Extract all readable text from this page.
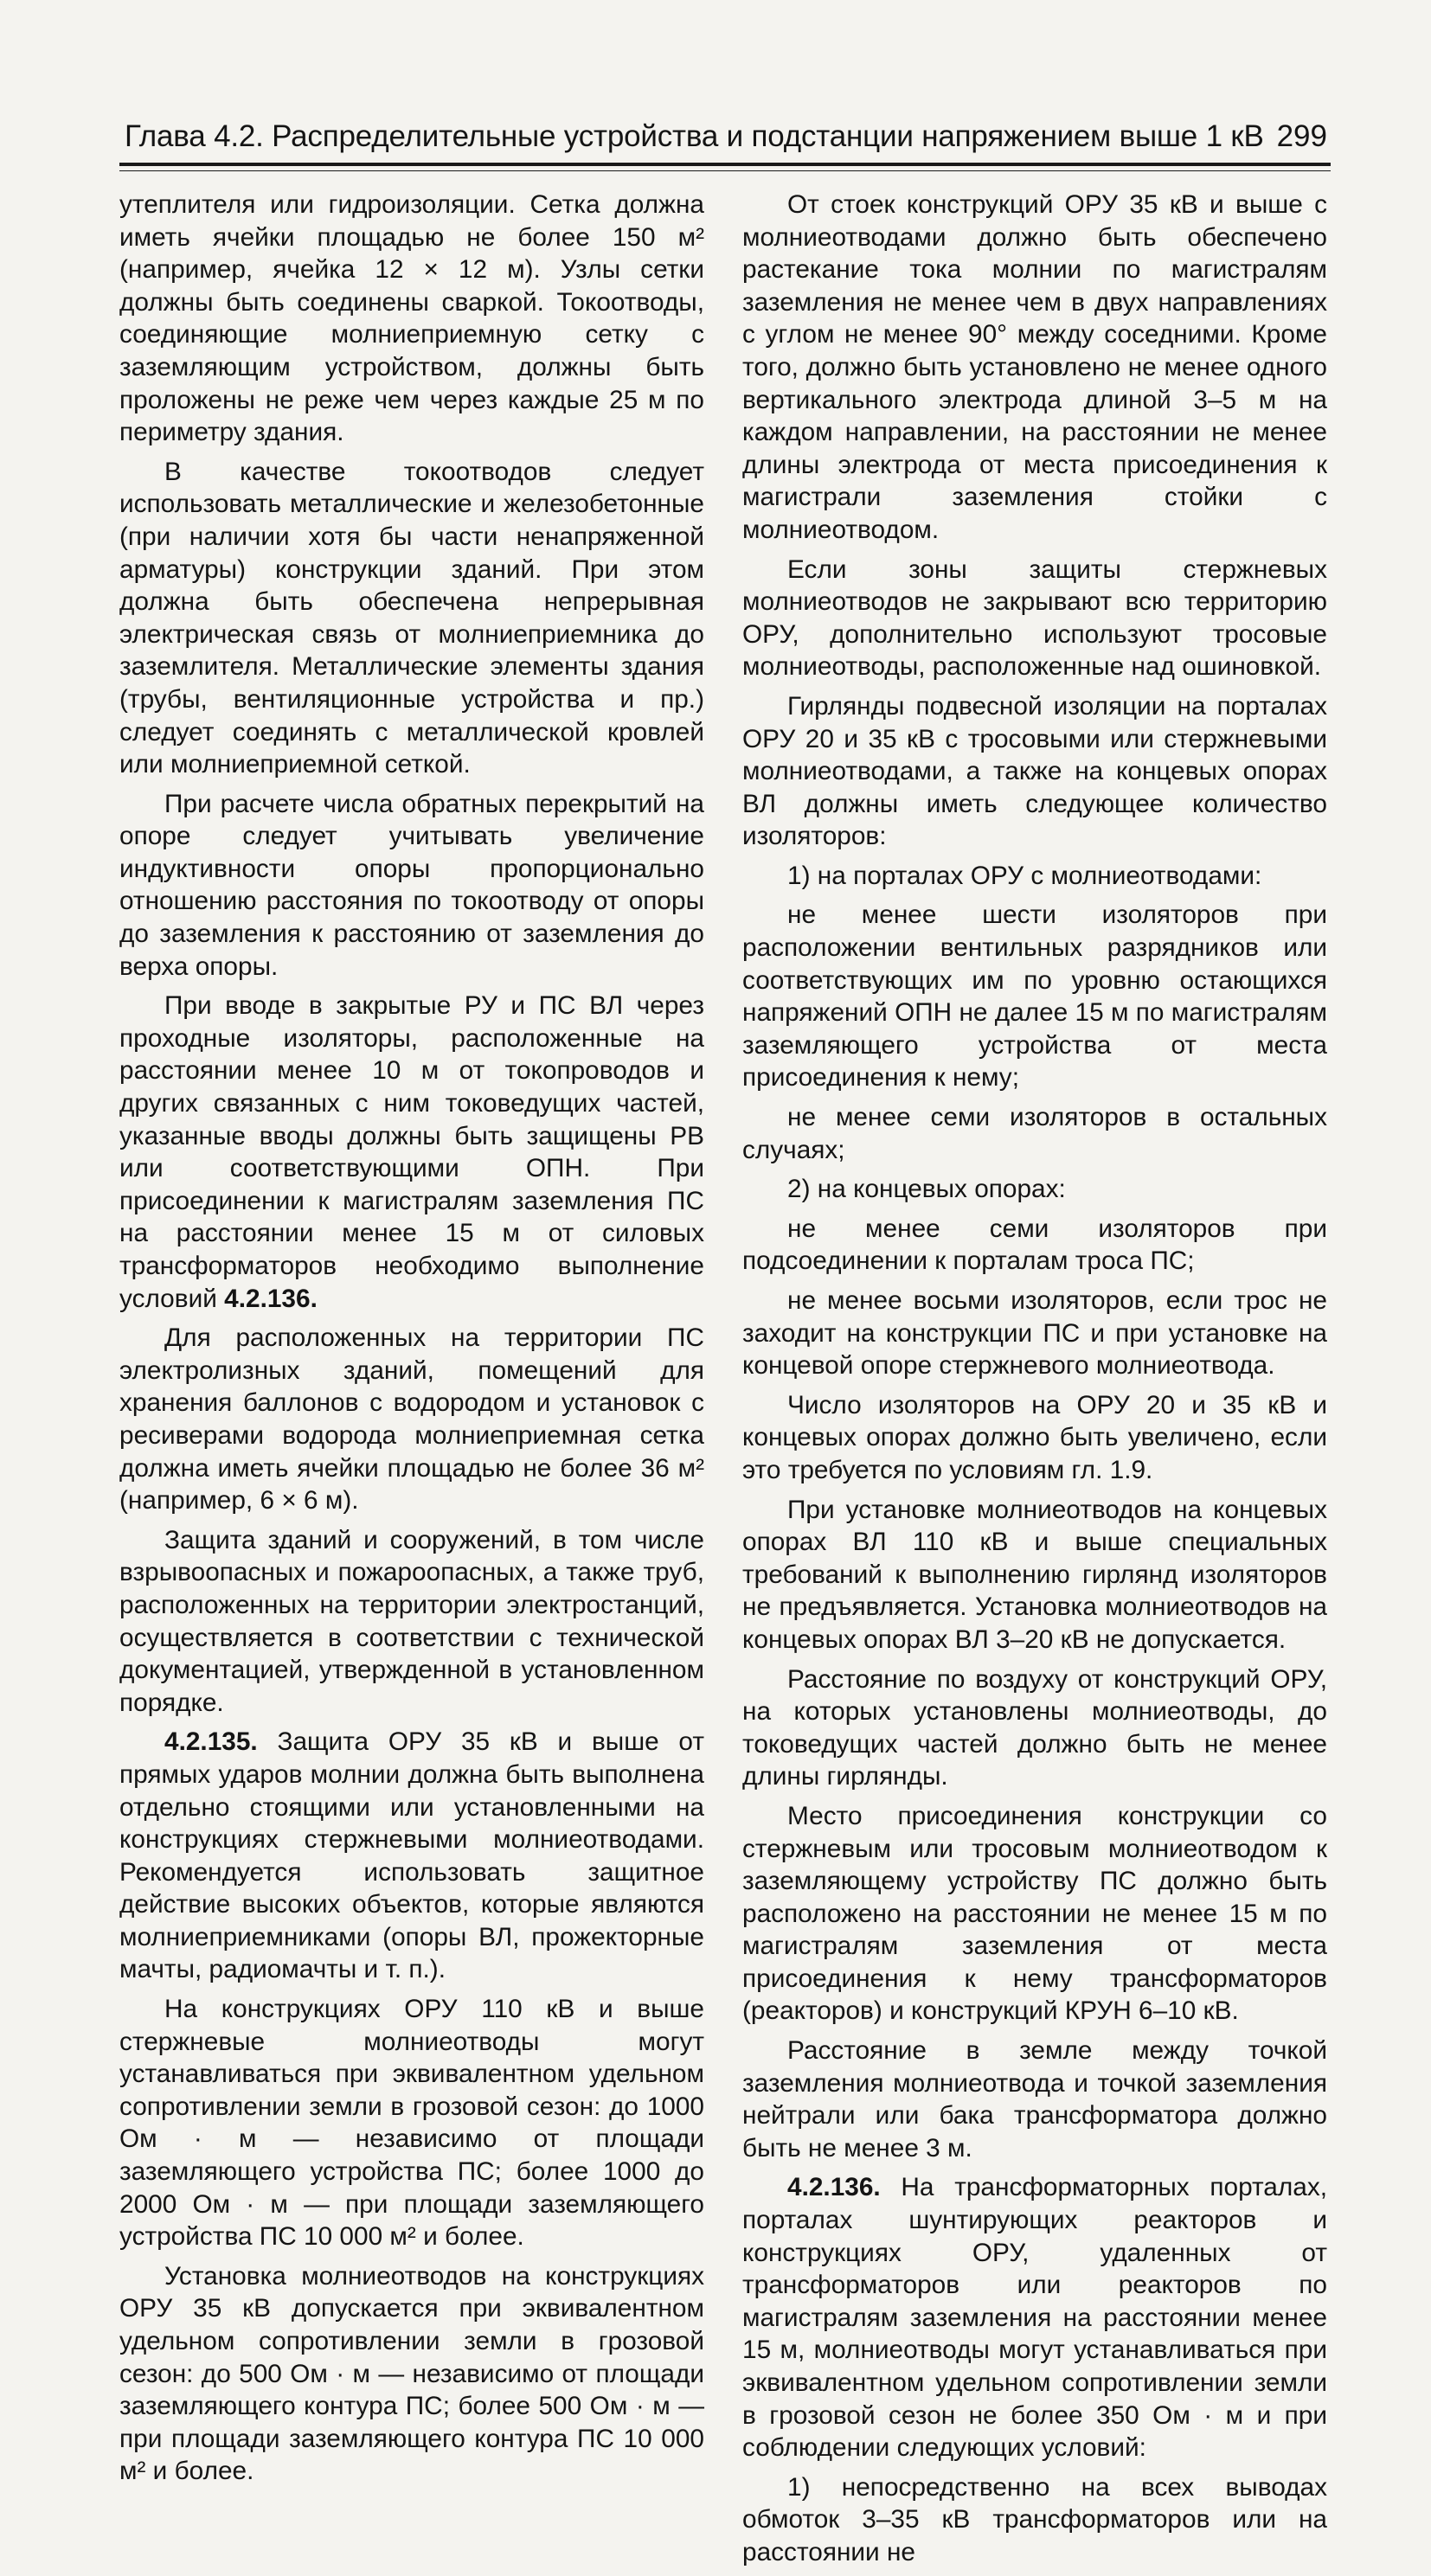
Глава 4.2. Распределительные устройства и подстанции напряжением выше 1 кВ 299

утеплителя или гидроизоляции. Сетка должна иметь ячейки площадью не более 150 м² (например, ячейка 12 × 12 м). Узлы сетки должны быть соединены сваркой. Токоотводы, соединяющие молниеприемную сетку с заземляющим устройством, должны быть проложены не реже чем через каждые 25 м по периметру здания.

В качестве токоотводов следует использовать металлические и железобетонные (при наличии хотя бы части ненапряженной арматуры) конструкции зданий. При этом должна быть обеспечена непрерывная электрическая связь от молниеприемника до заземлителя. Металлические элементы здания (трубы, вентиляционные устройства и пр.) следует соединять с металлической кровлей или молниеприемной сеткой.

При расчете числа обратных перекрытий на опоре следует учитывать увеличение индуктивности опоры пропорционально отношению расстояния по токоотводу от опоры до заземления к расстоянию от заземления до верха опоры.

При вводе в закрытые РУ и ПС ВЛ через проходные изоляторы, расположенные на расстоянии менее 10 м от токопроводов и других связанных с ним токоведущих частей, указанные вводы должны быть защищены РВ или соответствующими ОПН. При присоединении к магистралям заземления ПС на расстоянии менее 15 м от силовых трансформаторов необходимо выполнение условий 4.2.136.

Для расположенных на территории ПС электролизных зданий, помещений для хранения баллонов с водородом и установок с ресиверами водорода молниеприемная сетка должна иметь ячейки площадью не более 36 м² (например, 6 × 6 м).

Защита зданий и сооружений, в том числе взрывоопасных и пожароопасных, а также труб, расположенных на территории электростанций, осуществляется в соответствии с технической документацией, утвержденной в установленном порядке.

4.2.135. Защита ОРУ 35 кВ и выше от прямых ударов молнии должна быть выполнена отдельно стоящими или установленными на конструкциях стержневыми молниеотводами. Рекомендуется использовать защитное действие высоких объектов, которые являются молниеприемниками (опоры ВЛ, прожекторные мачты, радиомачты и т. п.).

На конструкциях ОРУ 110 кВ и выше стержневые молниеотводы могут устанавливаться при эквивалентном удельном сопротивлении земли в грозовой сезон: до 1000 Ом · м — независимо от площади заземляющего устройства ПС; более 1000 до 2000 Ом · м — при площади заземляющего устройства ПС 10 000 м² и более.

Установка молниеотводов на конструкциях ОРУ 35 кВ допускается при эквивалентном удельном сопротивлении земли в грозовой сезон: до 500 Ом · м — независимо от площади заземляющего контура ПС; более 500 Ом · м — при площади заземляющего контура ПС 10 000 м² и более.

От стоек конструкций ОРУ 35 кВ и выше с молниеотводами должно быть обеспечено растекание тока молнии по магистралям заземления не менее чем в двух направлениях с углом не менее 90° между соседними. Кроме того, должно быть установлено не менее одного вертикального электрода длиной 3–5 м на каждом направлении, на расстоянии не менее длины электрода от места присоединения к магистрали заземления стойки с молниеотводом.

Если зоны защиты стержневых молниеотводов не закрывают всю территорию ОРУ, дополнительно используют тросовые молниеотводы, расположенные над ошиновкой.

Гирлянды подвесной изоляции на порталах ОРУ 20 и 35 кВ с тросовыми или стержневыми молниеотводами, а также на концевых опорах ВЛ должны иметь следующее количество изоляторов:

1) на порталах ОРУ с молниеотводами:

не менее шести изоляторов при расположении вентильных разрядников или соответствующих им по уровню остающихся напряжений ОПН не далее 15 м по магистралям заземляющего устройства от места присоединения к нему;

не менее семи изоляторов в остальных случаях;

2) на концевых опорах:

не менее семи изоляторов при подсоединении к порталам троса ПС;

не менее восьми изоляторов, если трос не заходит на конструкции ПС и при установке на концевой опоре стержневого молниеотвода.

Число изоляторов на ОРУ 20 и 35 кВ и концевых опорах должно быть увеличено, если это требуется по условиям гл. 1.9.

При установке молниеотводов на концевых опорах ВЛ 110 кВ и выше специальных требований к выполнению гирлянд изоляторов не предъявляется. Установка молниеотводов на концевых опорах ВЛ 3–20 кВ не допускается.

Расстояние по воздуху от конструкций ОРУ, на которых установлены молниеотводы, до токоведущих частей должно быть не менее длины гирлянды.

Место присоединения конструкции со стержневым или тросовым молниеотводом к заземляющему устройству ПС должно быть расположено на расстоянии не менее 15 м по магистралям заземления от места присоединения к нему трансформаторов (реакторов) и конструкций КРУН 6–10 кВ.

Расстояние в земле между точкой заземления молниеотвода и точкой заземления нейтрали или бака трансформатора должно быть не менее 3 м.

4.2.136. На трансформаторных порталах, порталах шунтирующих реакторов и конструкциях ОРУ, удаленных от трансформаторов или реакторов по магистралям заземления на расстоянии менее 15 м, молниеотводы могут устанавливаться при эквивалентном удельном сопротивлении земли в грозовой сезон не более 350 Ом · м и при соблюдении следующих условий:

1) непосредственно на всех выводах обмоток 3–35 кВ трансформаторов или на расстоянии не
